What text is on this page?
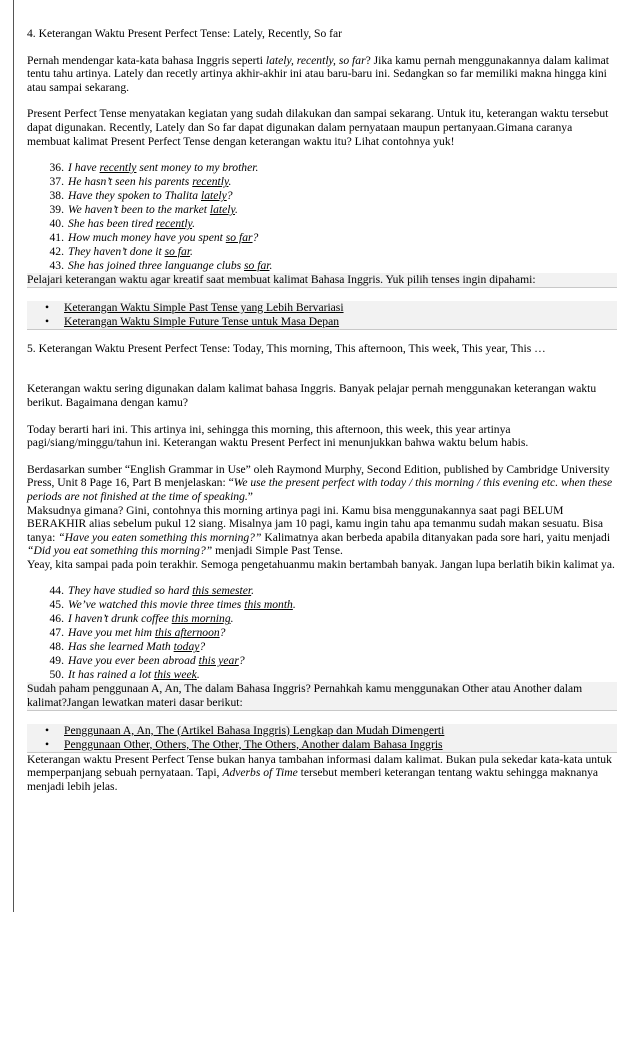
4. Keterangan Waktu Present Perfect Tense: Lately, Recently, So far

Pernah mendengar kata-kata bahasa Inggris seperti lately, recently, so far? Jika kamu pernah menggunakannya dalam kalimat tentu tahu artinya. Lately dan recetly artinya akhir-akhir ini atau baru-baru ini. Sedangkan so far memiliki makna hingga kini atau sampai sekarang.

Present Perfect Tense menyatakan kegiatan yang sudah dilakukan dan sampai sekarang. Untuk itu, keterangan waktu tersebut dapat digunakan. Recently, Lately dan So far dapat digunakan dalam pernyataan maupun pertanyaan.Gimana caranya membuat kalimat Present Perfect Tense dengan keterangan waktu itu? Lihat contohnya yuk!

36. I have recently sent money to my brother.
37. He hasn’t seen his parents recently.
38. Have they spoken to Thalita lately?
39. We haven’t been to the market lately.
40. She has been tired recently.
41. How much money have you spent so far?
42. They haven’t done it so far.
43. She has joined three languange clubs so far.

Pelajari keterangan waktu agar kreatif saat membuat kalimat Bahasa Inggris. Yuk pilih tenses ingin dipahami:

• Keterangan Waktu Simple Past Tense yang Lebih Bervariasi
• Keterangan Waktu Simple Future Tense untuk Masa Depan

5. Keterangan Waktu Present Perfect Tense: Today, This morning, This afternoon, This week, This year, This …

Keterangan waktu sering digunakan dalam kalimat bahasa Inggris. Banyak pelajar pernah menggunakan keterangan waktu berikut. Bagaimana dengan kamu?

Today berarti hari ini. This artinya ini, sehingga this morning, this afternoon, this week, this year artinya pagi/siang/minggu/tahun ini. Keterangan waktu Present Perfect ini menunjukkan bahwa waktu belum habis.

Berdasarkan sumber “English Grammar in Use” oleh Raymond Murphy, Second Edition, published by Cambridge University Press, Unit 8 Page 16, Part B menjelaskan: “We use the present perfect with today / this morning / this evening etc. when these periods are not finished at the time of speaking.”

Maksudnya gimana? Gini, contohnya this morning artinya pagi ini. Kamu bisa menggunakannya saat pagi BELUM BERAKHIR alias sebelum pukul 12 siang. Misalnya jam 10 pagi, kamu ingin tahu apa temanmu sudah makan sesuatu. Bisa tanya: “Have you eaten something this morning?” Kalimatnya akan berbeda apabila ditanyakan pada sore hari, yaitu menjadi “Did you eat something this morning?” menjadi Simple Past Tense.

Yeay, kita sampai pada poin terakhir. Semoga pengetahuanmu makin bertambah banyak. Jangan lupa berlatih bikin kalimat ya.

44. They have studied so hard this semester.
45. We’ve watched this movie three times this month.
46. I haven’t drunk coffee this morning.
47. Have you met him this afternoon?
48. Has she learned Math today?
49. Have you ever been abroad this year?
50. It has rained a lot this week.

Sudah paham penggunaan A, An, The dalam Bahasa Inggris? Pernahkah kamu menggunakan Other atau Another dalam kalimat?Jangan lewatkan materi dasar berikut:

• Penggunaan A, An, The (Artikel Bahasa Inggris) Lengkap dan Mudah Dimengerti
• Penggunaan Other, Others, The Other, The Others, Another dalam Bahasa Inggris

Keterangan waktu Present Perfect Tense bukan hanya tambahan informasi dalam kalimat. Bukan pula sekedar kata-kata untuk memperpanjang sebuah pernyataan. Tapi, Adverbs of Time tersebut memberi keterangan tentang waktu sehingga maknanya menjadi lebih jelas.
